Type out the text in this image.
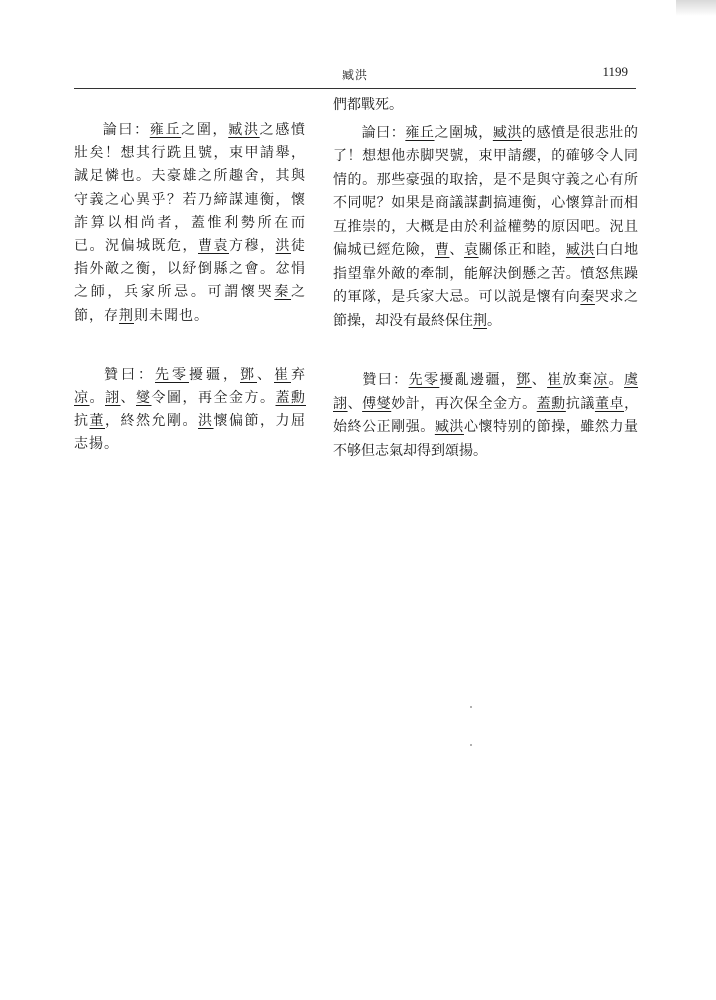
臧洪	1199

論曰：雍丘之圍，臧洪之感憤壯矣！想其行跣且號，束甲請舉，誠足憐也。夫豪雄之所趣舍，其與守義之心異乎？若乃締謀連衡，懷詐算以相尚者，蓋惟利勢所在而已。況偏城既危，曹袁方穆，洪徒指外敵之衡，以紓倒縣之會。忿悁之師，兵家所忌。可謂懷哭秦之節，存荆則未聞也。

贊曰：先零擾疆，鄧、崔弃凉。詡、燮令圖，再全金方。蓋勳抗董，終然允剛。洪懷偏節，力屈志揚。

們都戰死。

論曰：雍丘之圍城，臧洪的感憤是很悲壯的了！想想他赤脚哭號，束甲請纓，的確够令人同情的。那些豪强的取捨，是不是與守義之心有所不同呢？如果是商議謀劃搞連衡，心懷算計而相互推崇的，大概是由於利益權勢的原因吧。況且偏城已經危險，曹、袁關係正和睦，臧洪白白地指望靠外敵的牽制，能解決倒懸之苦。憤怒焦躁的軍隊，是兵家大忌。可以説是懷有向秦哭求之節操，却没有最終保住荆。

贊曰：先零擾亂邊疆，鄧、崔放棄凉。虞詡、傅燮妙計，再次保全金方。蓋勳抗議董卓，始終公正剛强。臧洪心懷特别的節操，雖然力量不够但志氣却得到頌揚。
